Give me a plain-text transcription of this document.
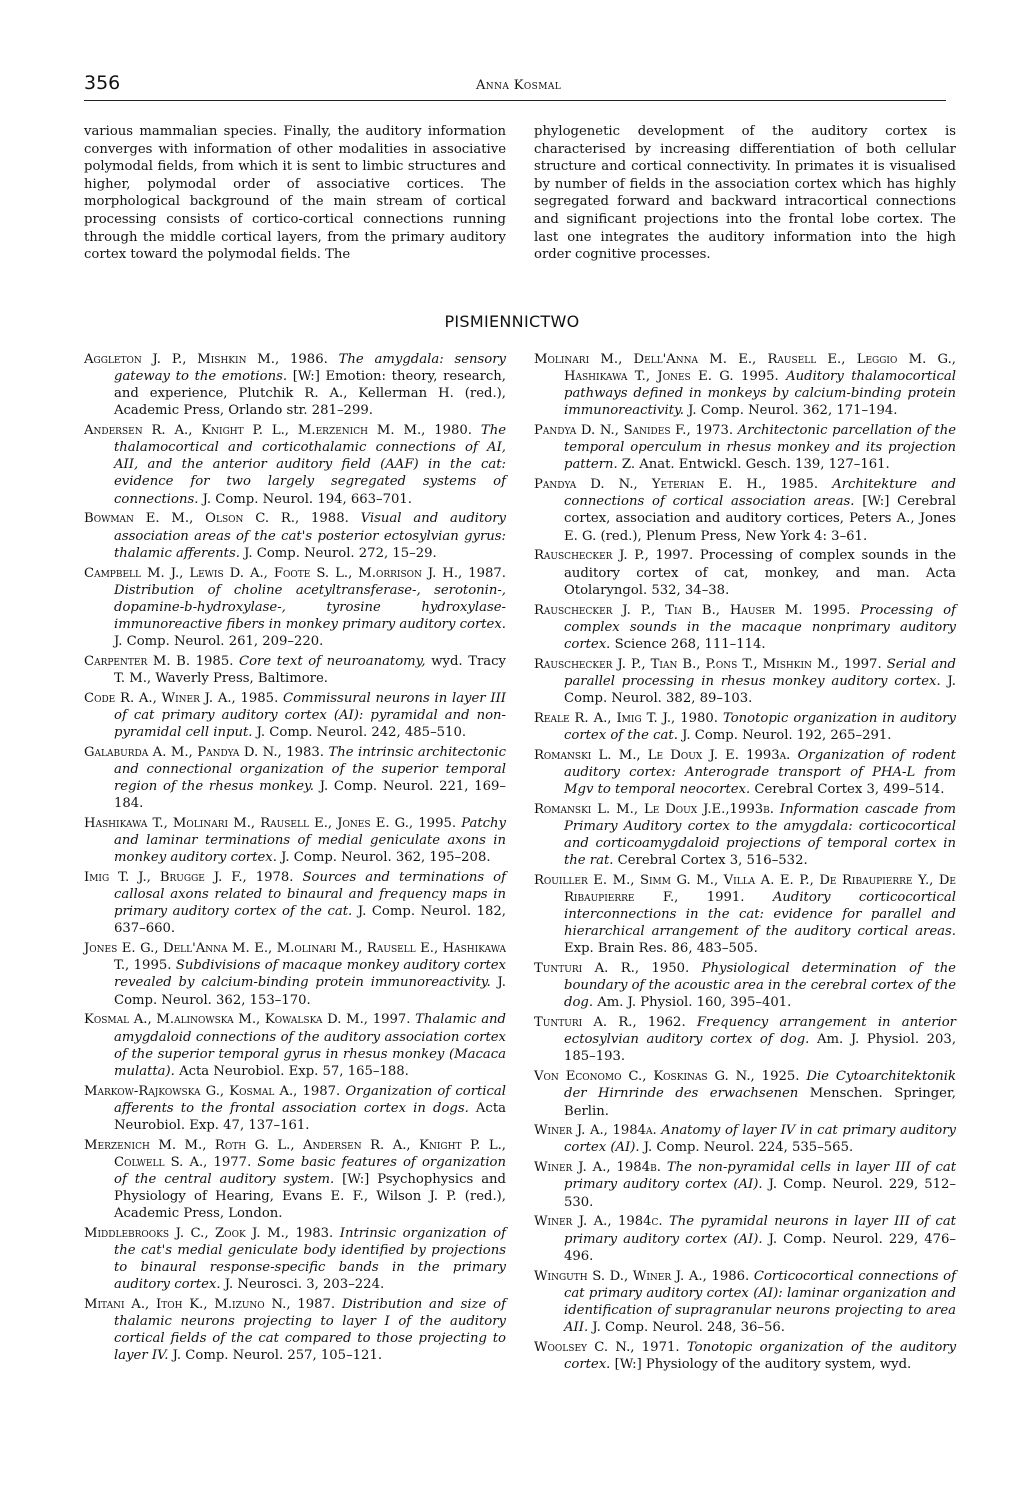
356	Anna Kosmal

various mammalian species. Finally, the auditory information converges with information of other modalities in associative polymodal fields, from which it is sent to limbic structures and higher, polymodal order of associative cortices. The morphological background of the main stream of cortical processing consists of cortico-cortical connections running through the middle cortical layers, from the primary auditory cortex toward the polymodal fields. The

phylogenetic development of the auditory cortex is characterised by increasing differentiation of both cellular structure and cortical connectivity. In primates it is visualised by number of fields in the association cortex which has highly segregated forward and backward intracortical connections and significant projections into the frontal lobe cortex. The last one integrates the auditory information into the high order cognitive processes.

PISMIENNICTWO

Aggleton J. P., Mishkin M., 1986. The amygdala: sensory gateway to the emotions. [W:] Emotion: theory, research, and experience, Plutchik R. A., Kellerman H. (red.), Academic Press, Orlando str. 281–299.

Andersen R. A., Knight P. L., M.erzenich M. M., 1980. The thalamocortical and corticothalamic connections of AI, AII, and the anterior auditory field (AAF) in the cat: evidence for two largely segregated systems of connections. J. Comp. Neurol. 194, 663–701.

Bowman E. M., Olson C. R., 1988. Visual and auditory association areas of the cat's posterior ectosylvian gyrus: thalamic afferents. J. Comp. Neurol. 272, 15–29.

Campbell M. J., Lewis D. A., Foote S. L., M.orrison J. H., 1987. Distribution of choline acetyltransferase-, serotonin-, dopamine-b-hydroxylase-, tyrosine hydroxylase-immunoreactive fibers in monkey primary auditory cortex. J. Comp. Neurol. 261, 209–220.

Carpenter M. B. 1985. Core text of neuroanatomy, wyd. Tracy T. M., Waverly Press, Baltimore.

Code R. A., Winer J. A., 1985. Commissural neurons in layer III of cat primary auditory cortex (AI): pyramidal and non-pyramidal cell input. J. Comp. Neurol. 242, 485–510.

Galaburda A. M., Pandya D. N., 1983. The intrinsic architectonic and connectional organization of the superior temporal region of the rhesus monkey. J. Comp. Neurol. 221, 169–184.

Hashikawa T., Molinari M., Rausell E., Jones E. G., 1995. Patchy and laminar terminations of medial geniculate axons in monkey auditory cortex. J. Comp. Neurol. 362, 195–208.

Imig T. J., Brugge J. F., 1978. Sources and terminations of callosal axons related to binaural and frequency maps in primary auditory cortex of the cat. J. Comp. Neurol. 182, 637–660.

Jones E. G., Dell'Anna M. E., M.olinari M., Rausell E., Hashikawa T., 1995. Subdivisions of macaque monkey auditory cortex revealed by calcium-binding protein immunoreactivity. J. Comp. Neurol. 362, 153–170.

Kosmal A., M.alinowska M., Kowalska D. M., 1997. Thalamic and amygdaloid connections of the auditory association cortex of the superior temporal gyrus in rhesus monkey (Macaca mulatta). Acta Neurobiol. Exp. 57, 165–188.

Markow-Rajkowska G., Kosmal A., 1987. Organization of cortical afferents to the frontal association cortex in dogs. Acta Neurobiol. Exp. 47, 137–161.

Merzenich M. M., Roth G. L., Andersen R. A., Knight P. L., Colwell S. A., 1977. Some basic features of organization of the central auditory system. [W:] Psychophysics and Physiology of Hearing, Evans E. F., Wilson J. P. (red.), Academic Press, London.

Middlebrooks J. C., Zook J. M., 1983. Intrinsic organization of the cat's medial geniculate body identified by projections to binaural response-specific bands in the primary auditory cortex. J. Neurosci. 3, 203–224.

Mitani A., Itoh K., M.izuno N., 1987. Distribution and size of thalamic neurons projecting to layer I of the auditory cortical fields of the cat compared to those projecting to layer IV. J. Comp. Neurol. 257, 105–121.

Molinari M., Dell'Anna M. E., Rausell E., Leggio M. G., Hashikawa T., Jones E. G. 1995. Auditory thalamocortical pathways defined in monkeys by calcium-binding protein immunoreactivity. J. Comp. Neurol. 362, 171–194.

Pandya D. N., Sanides F., 1973. Architectonic parcellation of the temporal operculum in rhesus monkey and its projection pattern. Z. Anat. Entwickl. Gesch. 139, 127–161.

Pandya D. N., Yeterian E. H., 1985. Architekture and connections of cortical association areas. [W:] Cerebral cortex, association and auditory cortices, Peters A., Jones E. G. (red.), Plenum Press, New York 4: 3–61.

Rauschecker J. P., 1997. Processing of complex sounds in the auditory cortex of cat, monkey, and man. Acta Otolaryngol. 532, 34–38.

Rauschecker J. P., Tian B., Hauser M. 1995. Processing of complex sounds in the macaque nonprimary auditory cortex. Science 268, 111–114.

Rauschecker J. P., Tian B., P.ons T., Mishkin M., 1997. Serial and parallel processing in rhesus monkey auditory cortex. J. Comp. Neurol. 382, 89–103.

Reale R. A., Imig T. J., 1980. Tonotopic organization in auditory cortex of the cat. J. Comp. Neurol. 192, 265–291.

Romanski L. M., Le Doux J. E. 1993a. Organization of rodent auditory cortex: Anterograde transport of PHA-L from Mgv to temporal neocortex. Cerebral Cortex 3, 499–514.

Romanski L. M., Le Doux J.E.,1993b. Information cascade from Primary Auditory cortex to the amygdala: corticocortical and corticoamygdaloid projections of temporal cortex in the rat. Cerebral Cortex 3, 516–532.

Rouiller E. M., Simm G. M., Villa A. E. P., De Ribaupierre Y., De Ribaupierre F., 1991. Auditory corticocortical interconnections in the cat: evidence for parallel and hierarchical arrangement of the auditory cortical areas. Exp. Brain Res. 86, 483–505.

Tunturi A. R., 1950. Physiological determination of the boundary of the acoustic area in the cerebral cortex of the dog. Am. J. Physiol. 160, 395–401.

Tunturi A. R., 1962. Frequency arrangement in anterior ectosylvian auditory cortex of dog. Am. J. Physiol. 203, 185–193.

Von Economo C., Koskinas G. N., 1925. Die Cytoarchitektonik der Hirnrinde des erwachsenen Menschen. Springer, Berlin.

Winer J. A., 1984a. Anatomy of layer IV in cat primary auditory cortex (AI). J. Comp. Neurol. 224, 535–565.

Winer J. A., 1984b. The non-pyramidal cells in layer III of cat primary auditory cortex (AI). J. Comp. Neurol. 229, 512–530.

Winer J. A., 1984c. The pyramidal neurons in layer III of cat primary auditory cortex (AI). J. Comp. Neurol. 229, 476–496.

Winguth S. D., Winer J. A., 1986. Corticocortical connections of cat primary auditory cortex (AI): laminar organization and identification of supragranular neurons projecting to area AII. J. Comp. Neurol. 248, 36–56.

Woolsey C. N., 1971. Tonotopic organization of the auditory cortex. [W:] Physiology of the auditory system, wyd.
